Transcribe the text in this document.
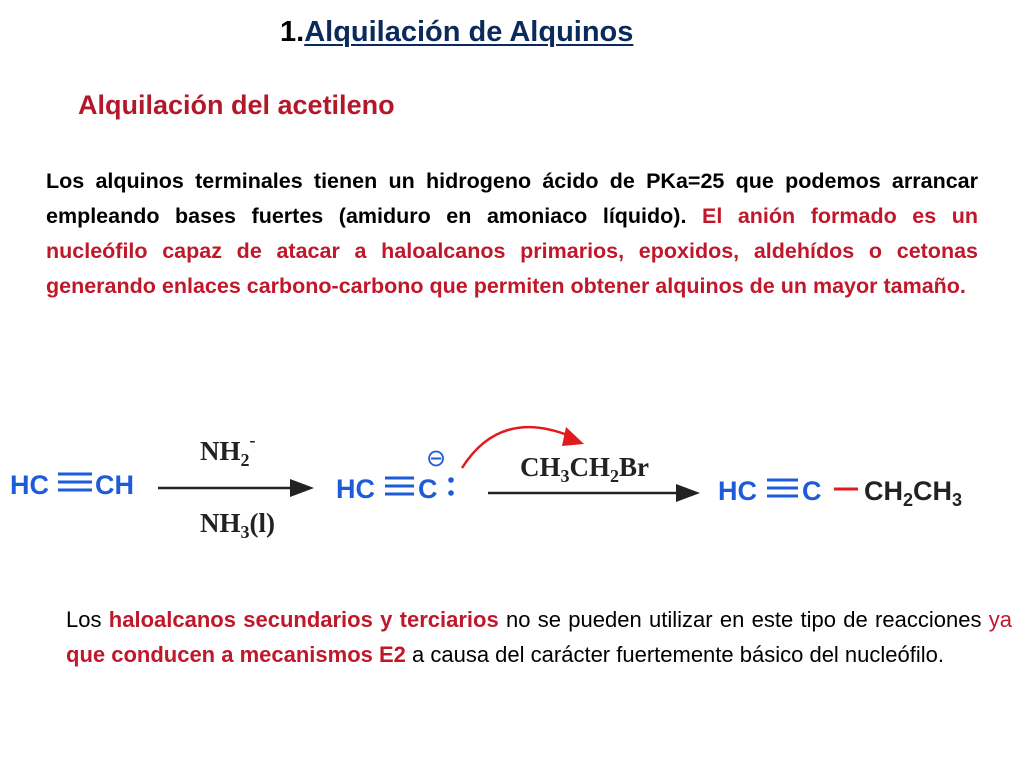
1.Alquilación de Alquinos
Alquilación del acetileno
Los alquinos terminales tienen un hidrogeno ácido de PKa=25 que podemos arrancar empleando bases fuertes (amiduro en amoniaco líquido). El anión formado es un nucleófilo capaz de atacar a haloalcanos primarios, epoxidos, aldehídos o cetonas generando enlaces carbono-carbono que permiten obtener alquinos de un mayor tamaño.
HC CH
$NH_2^-$
$NH_3(l)$
HC C
⊖	$CH_3CH_2Br$
HC C $CH_2CH_3$
Los haloalcanos secundarios y terciarios no se pueden utilizar en este tipo de reacciones ya que conducen a mecanismos E2 a causa del carácter fuertemente básico del nucleófilo.
